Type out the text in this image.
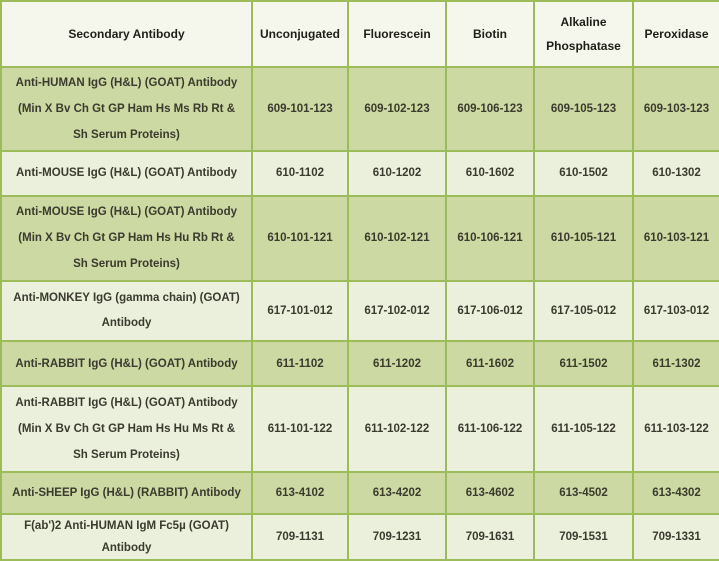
Secondary Antibody	Unconjugated	Fluorescein	Biotin	Alkaline Phosphatase	Peroxidase

Anti-HUMAN IgG (H&L) (GOAT) Antibody
(Min X Bv Ch Gt GP Ham Hs Ms Rb Rt &
Sh Serum Proteins)	609-101-123	609-102-123	609-106-123	609-105-123	609-103-123

Anti-MOUSE IgG (H&L) (GOAT) Antibody	610-1102	610-1202	610-1602	610-1502	610-1302

Anti-MOUSE IgG (H&L) (GOAT) Antibody
(Min X Bv Ch Gt GP Ham Hs Hu Rb Rt &
Sh Serum Proteins)	610-101-121	610-102-121	610-106-121	610-105-121	610-103-121

Anti-MONKEY IgG (gamma chain) (GOAT)
Antibody	617-101-012	617-102-012	617-106-012	617-105-012	617-103-012

Anti-RABBIT IgG (H&L) (GOAT) Antibody	611-1102	611-1202	611-1602	611-1502	611-1302

Anti-RABBIT IgG (H&L) (GOAT) Antibody
(Min X Bv Ch Gt GP Ham Hs Hu Ms Rt &
Sh Serum Proteins)	611-101-122	611-102-122	611-106-122	611-105-122	611-103-122

Anti-SHEEP IgG (H&L) (RABBIT) Antibody	613-4102	613-4202	613-4602	613-4502	613-4302

F(ab')2 Anti-HUMAN IgM Fc5µ (GOAT)
Antibody	709-1131	709-1231	709-1631	709-1531	709-1331
